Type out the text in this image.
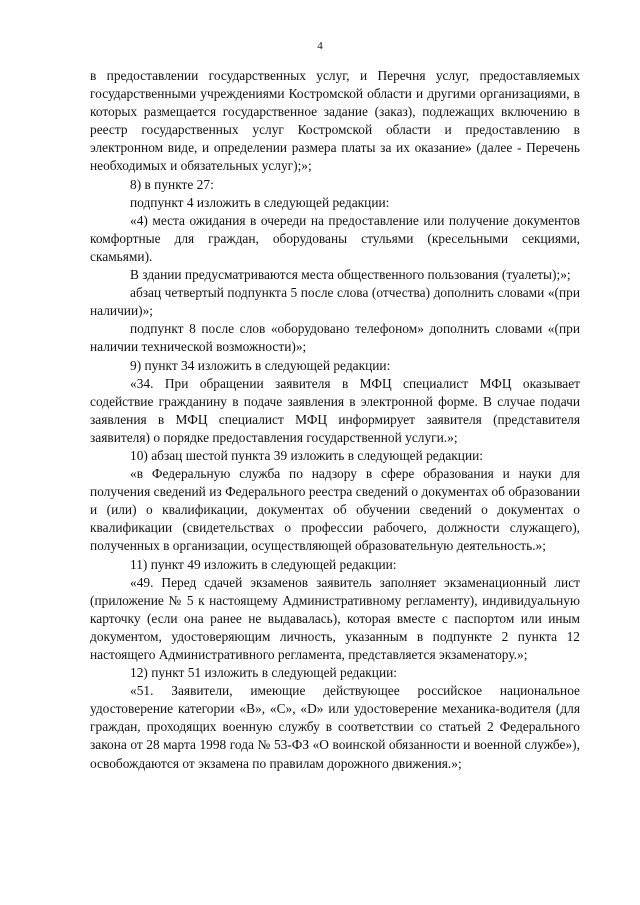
4

в предоставлении государственных услуг, и Перечня услуг, предоставляемых государственными учреждениями Костромской области и другими организациями, в которых размещается государственное задание (заказ), подлежащих включению в реестр государственных услуг Костромской области и предоставлению в электронном виде, и определении размера платы за их оказание» (далее - Перечень необходимых и обязательных услуг);»;

8) в пункте 27:

подпункт 4 изложить в следующей редакции:

«4) места ожидания в очереди на предоставление или получение документов комфортные для граждан, оборудованы стульями (кресельными секциями, скамьями).

В здании предусматриваются места общественного пользования (туалеты);»;

абзац четвертый подпункта 5 после слова (отчества) дополнить словами «(при наличии)»;

подпункт 8 после слов «оборудовано телефоном» дополнить словами «(при наличии технической возможности)»;

9) пункт 34 изложить в следующей редакции:

«34. При обращении заявителя в МФЦ специалист МФЦ оказывает содействие гражданину в подаче заявления в электронной форме. В случае подачи заявления в МФЦ специалист МФЦ информирует заявителя (представителя заявителя) о порядке предоставления государственной услуги.»;

10) абзац шестой пункта 39 изложить в следующей редакции:

«в Федеральную служба по надзору в сфере образования и науки для получения сведений из Федерального реестра сведений о документах об образовании и (или) о квалификации, документах об обучении сведений о документах о квалификации (свидетельствах о профессии рабочего, должности служащего), полученных в организации, осуществляющей образовательную деятельность.»;

11) пункт 49 изложить в следующей редакции:

«49. Перед сдачей экзаменов заявитель заполняет экзаменационный лист (приложение № 5 к настоящему Административному регламенту), индивидуальную карточку (если она ранее не выдавалась), которая вместе с паспортом или иным документом, удостоверяющим личность, указанным в подпункте 2 пункта 12 настоящего Административного регламента, представляется экзаменатору.»;

12) пункт 51 изложить в следующей редакции:

«51. Заявители, имеющие действующее российское национальное удостоверение категории «B», «C», «D» или удостоверение механика-водителя (для граждан, проходящих военную службу в соответствии со статьей 2 Федерального закона от 28 марта 1998 года № 53-ФЗ «О воинской обязанности и военной службе»), освобождаются от экзамена по правилам дорожного движения.»;
